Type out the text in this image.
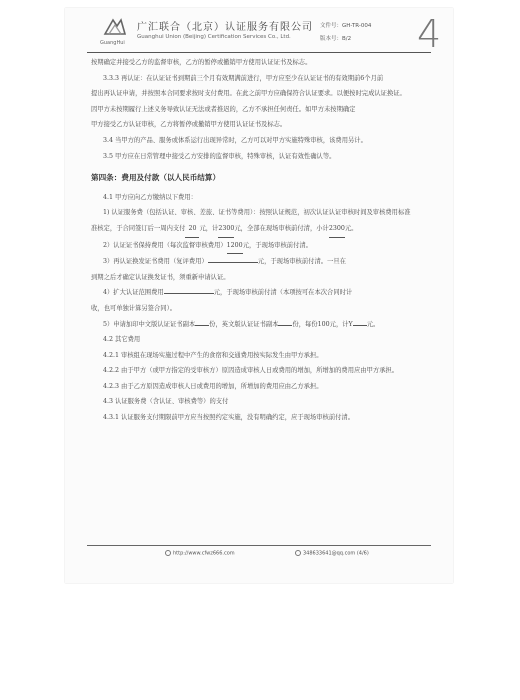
GuangHui
广汇联合（北京）认证服务有限公司
Guanghui Union (Beijing) Certification Services Co., Ltd.
文件号：GH-TR-004
版本号：B/2 4

按期确定并接受乙方的监督审核，乙方的暂停或撤销甲方使用认证证书及标志。

3.3.3 再认证：在认证证书到期前三个月有效期满前进行，甲方应至少在认证证书的有效期前6个月前

提出再认证申请，并按照本合同要求按时支付费用。在此之前甲方应确保符合认证要求。以便按时完成认证换证。

因甲方未按期履行上述义务导致认证无法或者推迟的，乙方不承担任何责任。如甲方未按期确定

甲方接受乙方认证审核，乙方将暂停或撤销甲方使用认证证书及标志。

3.4 当甲方的产品、服务或体系运行出现异常时，乙方可以对甲方实施特殊审核，该费用另计。

3.5 甲方应在日常管理中接受乙方安排的监督审核，特殊审核，认证有效性确认等。

第四条：费用及付款（以人民币结算）

4.1 甲方应向乙方缴纳以下费用：

1) 认证服务费（包括认证、审核、差旅、证书等费用）：按照认证规范，初次认证认证审核时间及审核费用标准

准核定，于合同签订后一周内支付 20 元，计2300元，全部在现场审核前付清，小计2300元。

2）认证证书保持费用（每次监督审核费用）1200元，于现场审核前付清。

3）再认证换发证书费用（复评费用）	元，于现场审核前付清。一旦在

到期之后才确定认证换发证书，须重新申请认证。

4）扩大认证范围费用	元，于现场审核前付清（本项按可在本次合同时计

收，也可单独计算另签合同）。

5）申请加印中文版认证证书副本 份，英文版认证证书副本 份，每份100元，计Y 元。

4.2 其它费用

4.2.1 审核组在现场实施过程中产生的食宿和交通费用按实际发生由甲方承担。

4.2.2 由于甲方（或甲方指定的受审核方）原因造成审核人日或费用的增加，所增加的费用应由甲方承担。

4.2.3 由于乙方原因造成审核人日或费用的增加，所增加的费用应由乙方承担。

4.3 认证服务费（含认证、审核费等）的支付

4.3.1 认证服务支付期限前甲方应当按照约定实施，没有明确约定，应于现场审核前付清。

http://www.cfwz666.com	348633641@qq.com (4/6)
